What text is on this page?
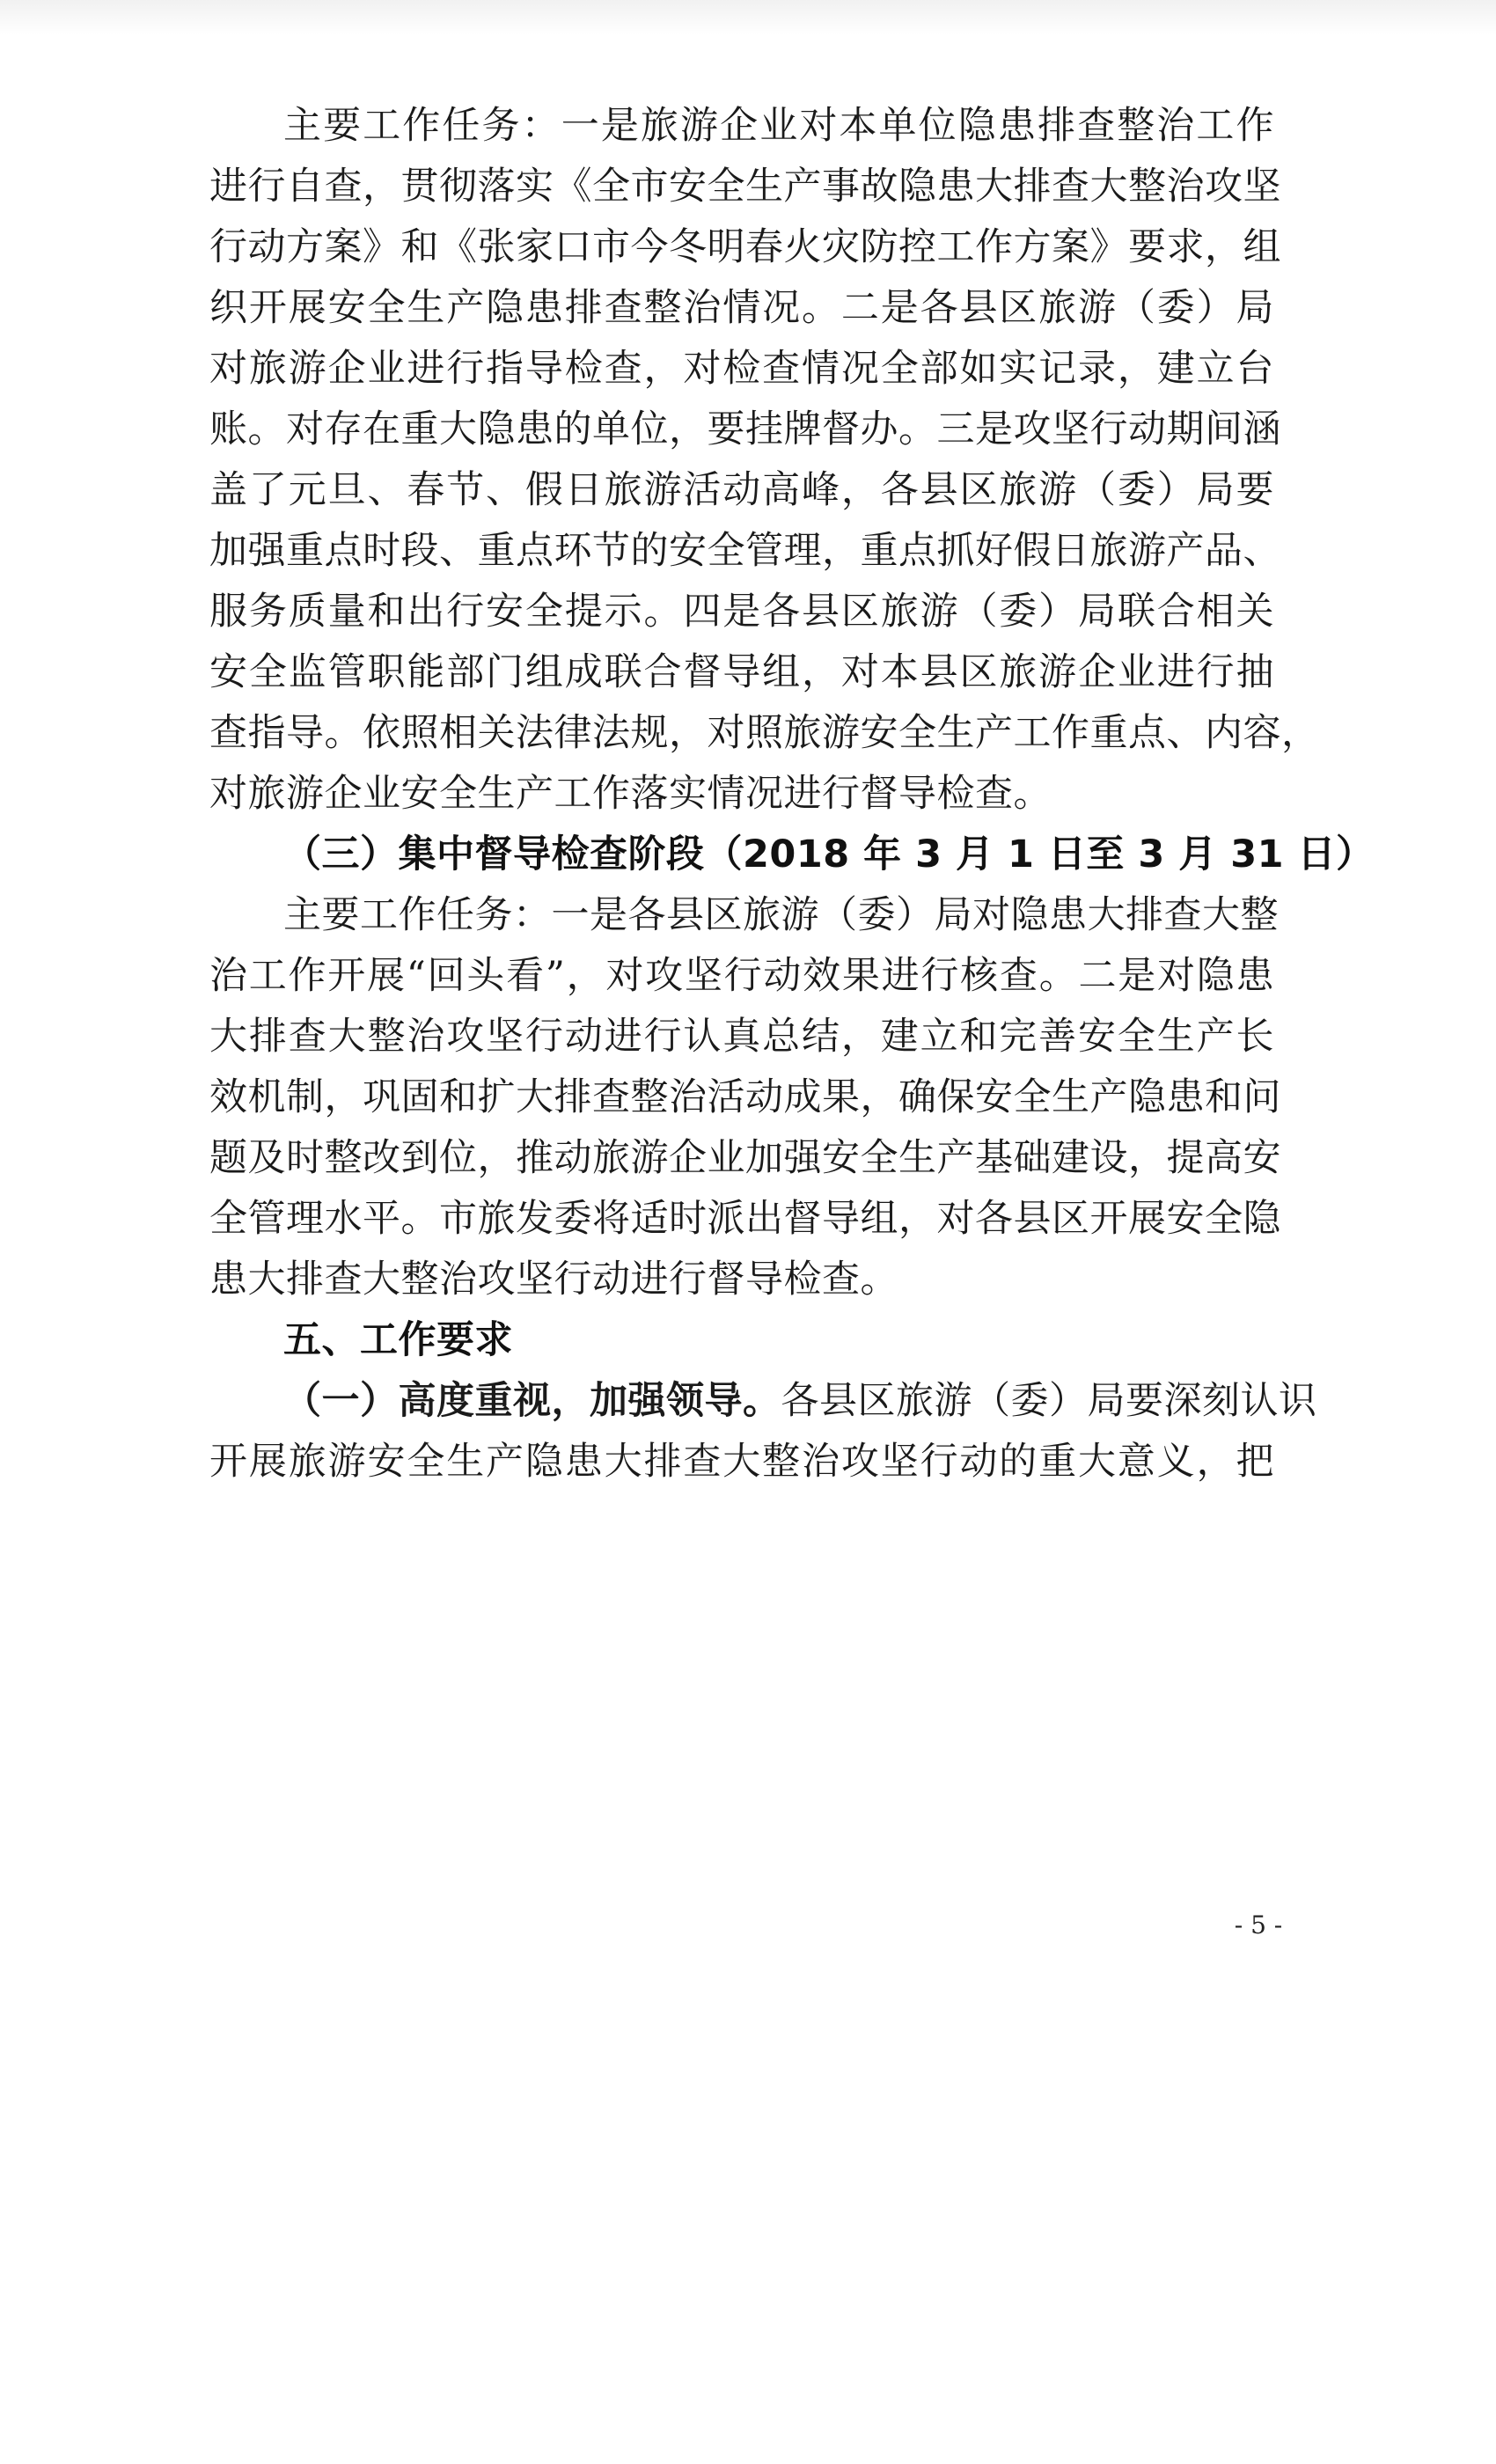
主要工作任务：一是旅游企业对本单位隐患排查整治工作
进行自查，贯彻落实《全市安全生产事故隐患大排查大整治攻坚
行动方案》和《张家口市今冬明春火灾防控工作方案》要求，组
织开展安全生产隐患排查整治情况。二是各县区旅游（委）局
对旅游企业进行指导检查，对检查情况全部如实记录，建立台
账。对存在重大隐患的单位，要挂牌督办。三是攻坚行动期间涵
盖了元旦、春节、假日旅游活动高峰，各县区旅游（委）局要
加强重点时段、重点环节的安全管理，重点抓好假日旅游产品、
服务质量和出行安全提示。四是各县区旅游（委）局联合相关
安全监管职能部门组成联合督导组，对本县区旅游企业进行抽
查指导。依照相关法律法规，对照旅游安全生产工作重点、内容，
对旅游企业安全生产工作落实情况进行督导检查。
（三）集中督导检查阶段（2018 年 3 月 1 日至 3 月 31 日）
主要工作任务：一是各县区旅游（委）局对隐患大排查大整
治工作开展“回头看”，对攻坚行动效果进行核查。二是对隐患
大排查大整治攻坚行动进行认真总结，建立和完善安全生产长
效机制，巩固和扩大排查整治活动成果，确保安全生产隐患和问
题及时整改到位，推动旅游企业加强安全生产基础建设，提高安
全管理水平。市旅发委将适时派出督导组，对各县区开展安全隐
患大排查大整治攻坚行动进行督导检查。
五、工作要求
（一）高度重视，加强领导。各县区旅游（委）局要深刻认识
开展旅游安全生产隐患大排查大整治攻坚行动的重大意义，把
- 5 -
